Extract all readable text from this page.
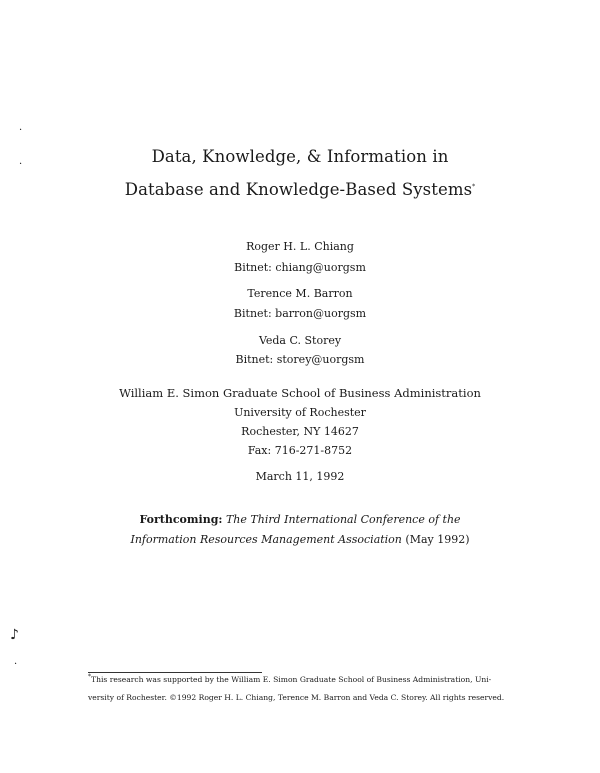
·
·
♪
·
Data, Knowledge, & Information in
Database and Knowledge-Based Systems*
Roger H. L. Chiang
Bitnet: chiang@uorgsm
Terence M. Barron
Bitnet: barron@uorgsm
Veda C. Storey
Bitnet: storey@uorgsm
William E. Simon Graduate School of Business Administration
University of Rochester
Rochester, NY 14627
Fax: 716-271-8752
March 11, 1992
Forthcoming: The Third International Conference of the
Information Resources Management Association (May 1992)
*This research was supported by the William E. Simon Graduate School of Business Administration, Uni-
versity of Rochester. ©1992 Roger H. L. Chiang, Terence M. Barron and Veda C. Storey. All rights reserved.
